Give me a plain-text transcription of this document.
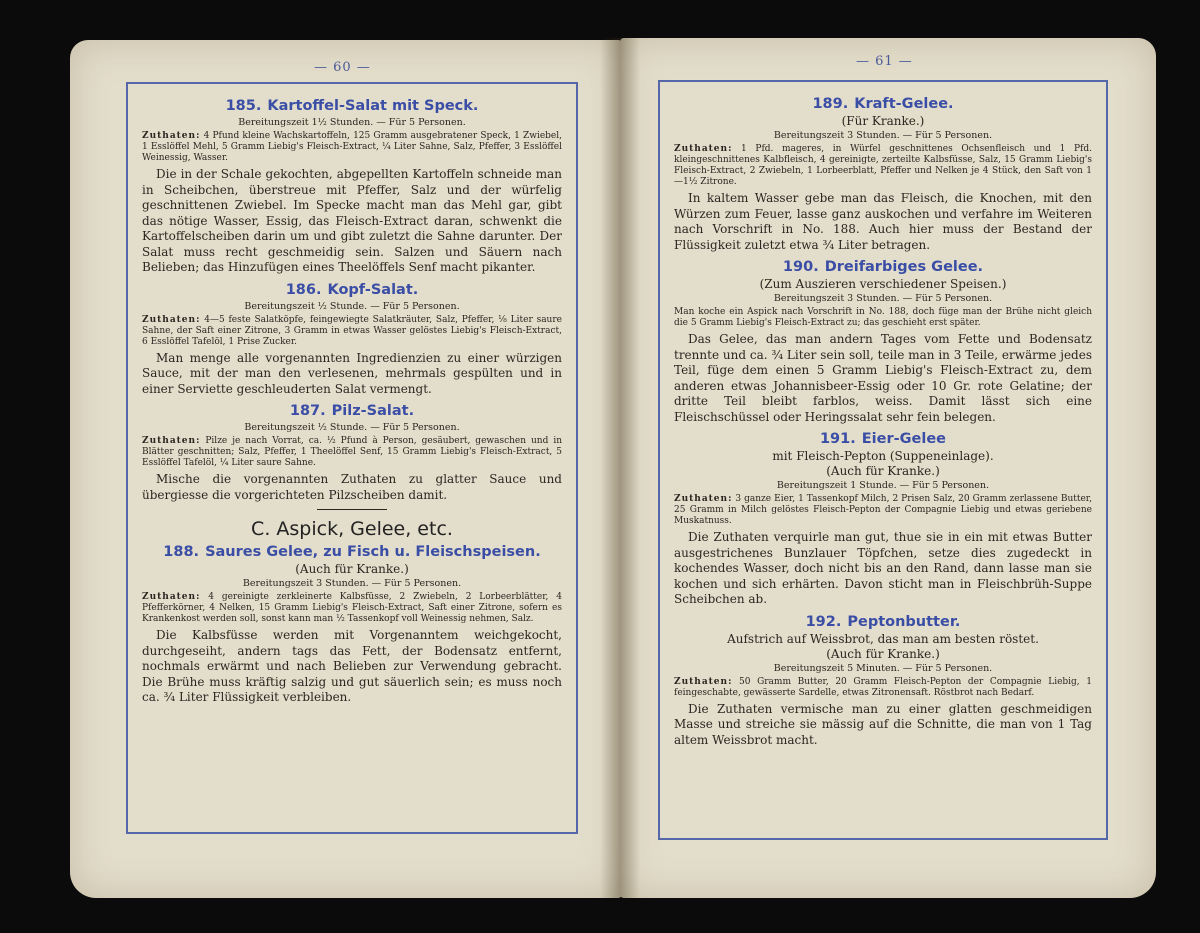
— 60 —

185. Kartoffel-Salat mit Speck.

Bereitungszeit 1½ Stunden. — Für 5 Personen.

Zuthaten: 4 Pfund kleine Wachskartoffeln, 125 Gramm ausgebratener Speck, 1 Zwiebel, 1 Esslöffel Mehl, 5 Gramm Liebig's Fleisch-Extract, ¼ Liter Sahne, Salz, Pfeffer, 3 Esslöffel Weinessig, Wasser.

Die in der Schale gekochten, abgepellten Kartoffeln schneide man in Scheibchen, überstreue mit Pfeffer, Salz und der würfelig geschnittenen Zwiebel. Im Specke macht man das Mehl gar, gibt das nötige Wasser, Essig, das Fleisch-Extract daran, schwenkt die Kartoffelscheiben darin um und gibt zuletzt die Sahne darunter. Der Salat muss recht geschmeidig sein. Salzen und Säuern nach Belieben; das Hinzufügen eines Theelöffels Senf macht pikanter.

186. Kopf-Salat.

Bereitungszeit ½ Stunde. — Für 5 Personen.

Zuthaten: 4—5 feste Salatköpfe, feingewiegte Salatkräuter, Salz, Pfeffer, ⅛ Liter saure Sahne, der Saft einer Zitrone, 3 Gramm in etwas Wasser gelöstes Liebig's Fleisch-Extract, 6 Esslöffel Tafelöl, 1 Prise Zucker.

Man menge alle vorgenannten Ingredienzien zu einer würzigen Sauce, mit der man den verlesenen, mehrmals gespülten und in einer Serviette geschleuderten Salat vermengt.

187. Pilz-Salat.

Bereitungszeit ½ Stunde. — Für 5 Personen.

Zuthaten: Pilze je nach Vorrat, ca. ½ Pfund à Person, gesäubert, gewaschen und in Blätter geschnitten; Salz, Pfeffer, 1 Theelöffel Senf, 15 Gramm Liebig's Fleisch-Extract, 5 Esslöffel Tafelöl, ¼ Liter saure Sahne.

Mische die vorgenannten Zuthaten zu glatter Sauce und übergiesse die vorgerichteten Pilzscheiben damit.

C. Aspick, Gelee, etc.

188. Saures Gelee, zu Fisch u. Fleischspeisen.

(Auch für Kranke.)

Bereitungszeit 3 Stunden. — Für 5 Personen.

Zuthaten: 4 gereinigte zerkleinerte Kalbsfüsse, 2 Zwiebeln, 2 Lorbeerblätter, 4 Pfefferkörner, 4 Nelken, 15 Gramm Liebig's Fleisch-Extract, Saft einer Zitrone, sofern es Krankenkost werden soll, sonst kann man ½ Tassenkopf voll Weinessig nehmen, Salz.

Die Kalbsfüsse werden mit Vorgenanntem weichgekocht, durchgeseiht, andern tags das Fett, der Bodensatz entfernt, nochmals erwärmt und nach Belieben zur Verwendung gebracht. Die Brühe muss kräftig salzig und gut säuerlich sein; es muss noch ca. ¾ Liter Flüssigkeit verbleiben.

— 61 —

189. Kraft-Gelee.

(Für Kranke.)

Bereitungszeit 3 Stunden. — Für 5 Personen.

Zuthaten: 1 Pfd. mageres, in Würfel geschnittenes Ochsenfleisch und 1 Pfd. kleingeschnittenes Kalbfleisch, 4 gereinigte, zerteilte Kalbsfüsse, Salz, 15 Gramm Liebig's Fleisch-Extract, 2 Zwiebeln, 1 Lorbeerblatt, Pfeffer und Nelken je 4 Stück, den Saft von 1—1½ Zitrone.

In kaltem Wasser gebe man das Fleisch, die Knochen, mit den Würzen zum Feuer, lasse ganz auskochen und verfahre im Weiteren nach Vorschrift in No. 188. Auch hier muss der Bestand der Flüssigkeit zuletzt etwa ¾ Liter betragen.

190. Dreifarbiges Gelee.

(Zum Auszieren verschiedener Speisen.)

Bereitungszeit 3 Stunden. — Für 5 Personen.

Man koche ein Aspick nach Vorschrift in No. 188, doch füge man der Brühe nicht gleich die 5 Gramm Liebig's Fleisch-Extract zu; das geschieht erst später.

Das Gelee, das man andern Tages vom Fette und Bodensatz trennte und ca. ¾ Liter sein soll, teile man in 3 Teile, erwärme jedes Teil, füge dem einen 5 Gramm Liebig's Fleisch-Extract zu, dem anderen etwas Johannisbeer-Essig oder 10 Gr. rote Gelatine; der dritte Teil bleibt farblos, weiss. Damit lässt sich eine Fleischschüssel oder Heringssalat sehr fein belegen.

191. Eier-Gelee

mit Fleisch-Pepton (Suppeneinlage).

(Auch für Kranke.)

Bereitungszeit 1 Stunde. — Für 5 Personen.

Zuthaten: 3 ganze Eier, 1 Tassenkopf Milch, 2 Prisen Salz, 20 Gramm zerlassene Butter, 25 Gramm in Milch gelöstes Fleisch-Pepton der Compagnie Liebig und etwas geriebene Muskatnuss.

Die Zuthaten verquirle man gut, thue sie in ein mit etwas Butter ausgestrichenes Bunzlauer Töpfchen, setze dies zugedeckt in kochendes Wasser, doch nicht bis an den Rand, dann lasse man sie kochen und sich erhärten. Davon sticht man in Fleischbrüh-Suppe Scheibchen ab.

192. Peptonbutter.

Aufstrich auf Weissbrot, das man am besten röstet.

(Auch für Kranke.)

Bereitungszeit 5 Minuten. — Für 5 Personen.

Zuthaten: 50 Gramm Butter, 20 Gramm Fleisch-Pepton der Compagnie Liebig, 1 feingeschabte, gewässerte Sardelle, etwas Zitronensaft. Röstbrot nach Bedarf.

Die Zuthaten vermische man zu einer glatten geschmeidigen Masse und streiche sie mässig auf die Schnitte, die man von 1 Tag altem Weissbrot macht.
